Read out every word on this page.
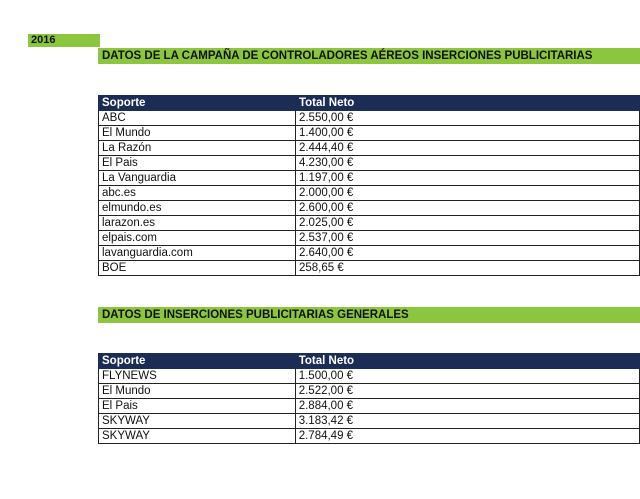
2016
DATOS DE LA CAMPAÑA DE CONTROLADORES AÉREOS INSERCIONES PUBLICITARIAS
Soporte	Total Neto
ABC	2.550,00 €
El Mundo	1.400,00 €
La Razón	2.444,40 €
El Pais	4.230,00 €
La Vanguardia	1.197,00 €
abc.es	2.000,00 €
elmundo.es	2.600,00 €
larazon.es	2.025,00 €
elpais.com	2.537,00 €
lavanguardia.com	2.640,00 €
BOE	258,65 €
DATOS DE INSERCIONES PUBLICITARIAS GENERALES
Soporte	Total Neto
FLYNEWS	1.500,00 €
El Mundo	2.522,00 €
El Pais	2.884,00 €
SKYWAY	3.183,42 €
SKYWAY	2.784,49 €
